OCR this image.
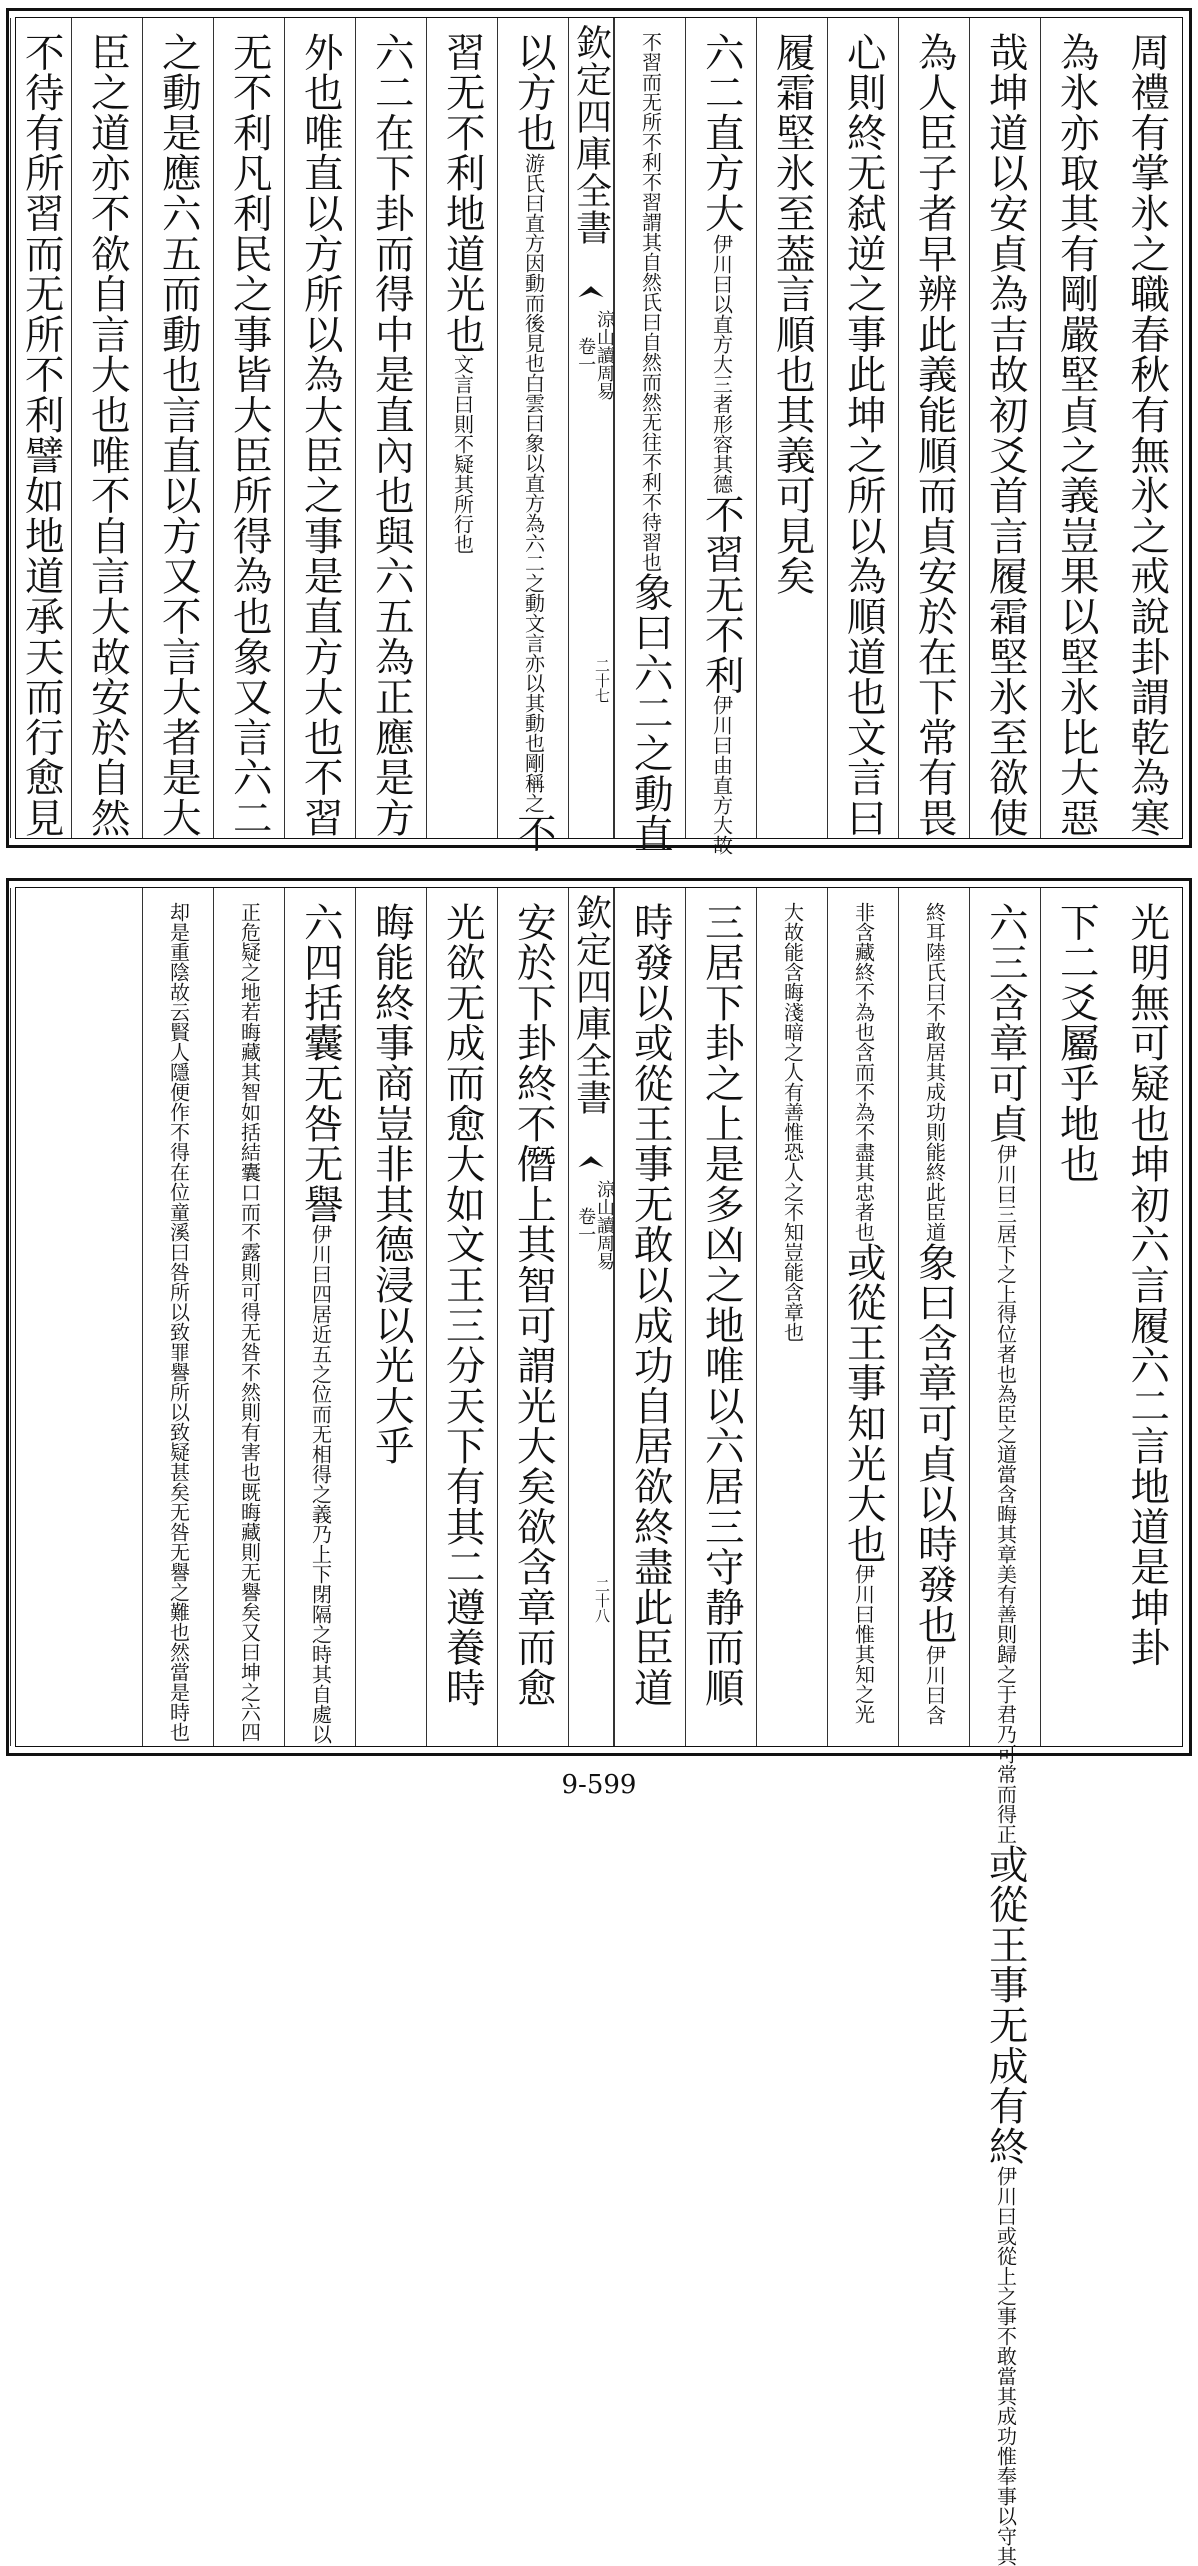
周禮有掌氷之職春秋有無氷之戒說卦謂乾為寒
為氷亦取其有剛嚴堅貞之義豈果以堅氷比大惡
哉坤道以安貞為吉故初爻首言履霜堅氷至欲使
為人臣子者早辨此義能順而貞安於在下常有畏
心則終无弑逆之事此坤之所以為順道也文言曰
履霜堅氷至葢言順也其義可見矣
六二直方大
伊川曰以直方大三者形容其德
不習无不利
伊川曰由直方大故
不習而无所不利不習謂其自然氏曰自然而然无往不利不待習也
象曰六二之動直
欽定四庫全書
涼山讀周易
卷一
二十七
以方也
游氏曰直方因動而後見也白雲曰象以直方為六二之動文言亦以其動也剛稱之
不
習无不利地道光也
文言曰則不疑其所行也
六二在下卦而得中是直內也與六五為正應是方
外也唯直以方所以為大臣之事是直方大也不習
无不利凡利民之事皆大臣所得為也象又言六二
之動是應六五而動也言直以方又不言大者是大
臣之道亦不欲自言大也唯不自言大故安於自然
不待有所習而无所不利譬如地道承天而行愈見
光明無可疑也坤初六言履六二言地道是坤卦
下二爻屬乎地也
六三含章可貞
伊川曰三居下之上得位者也為臣之道當含晦其章美有善則歸之于君乃可常而得正
或從王事无成有終
伊川曰或從上之事不敢當其成功惟奉事以守其
終耳陸氏曰不敢居其成功則能終此臣道
象曰含章可貞以時發也
伊川曰含
非含藏終不為也含而不為不盡其忠者也
或從王事知光大也
伊川曰惟其知之光
大故能含晦淺暗之人有善惟恐人之不知豈能含章也
三居下卦之上是多凶之地唯以六居三守静而順
時發以或從王事无敢以成功自居欲終盡此臣道
欽定四庫全書
涼山讀周易
卷一
二十八
安於下卦終不僭上其智可謂光大矣欲含章而愈
光欲无成而愈大如文王三分天下有其二遵養時
晦能終事商豈非其德浸以光大乎
六四括囊无咎无譽
伊川曰四居近五之位而无相得之義乃上下閉隔之時其自處以
正危疑之地若晦藏其智如括結囊口而不露則可得无咎不然則有害也既晦藏則无譽矣又曰坤之六四
却是重陰故云賢人隱便作不得在位童溪曰咎所以致罪譽所以致疑甚矣无咎无譽之難也然當是時也
9-599
